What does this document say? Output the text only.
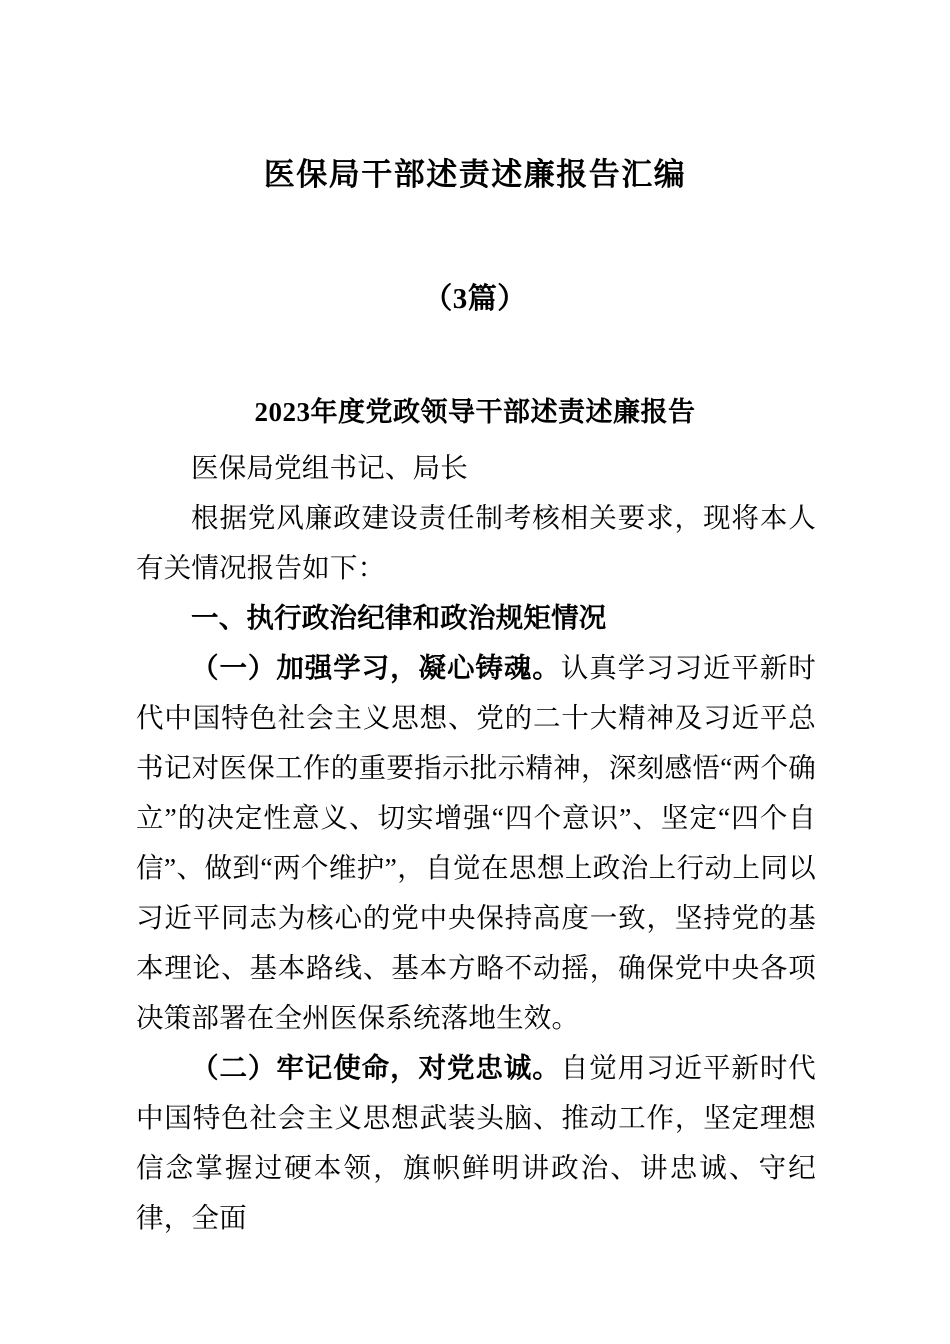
医保局干部述责述廉报告汇编
（3篇）
2023年度党政领导干部述责述廉报告

医保局党组书记、局长

根据党风廉政建设责任制考核相关要求，现将本人有关情况报告如下：

一、执行政治纪律和政治规矩情况

（一）加强学习，凝心铸魂。认真学习习近平新时代中国特色社会主义思想、党的二十大精神及习近平总书记对医保工作的重要指示批示精神，深刻感悟“两个确立”的决定性意义、切实增强“四个意识”、坚定“四个自信”、做到“两个维护”，自觉在思想上政治上行动上同以习近平同志为核心的党中央保持高度一致，坚持党的基本理论、基本路线、基本方略不动摇，确保党中央各项决策部署在全州医保系统落地生效。

（二）牢记使命，对党忠诚。自觉用习近平新时代中国特色社会主义思想武装头脑、推动工作，坚定理想信念掌握过硬本领，旗帜鲜明讲政治、讲忠诚、守纪律，全面
